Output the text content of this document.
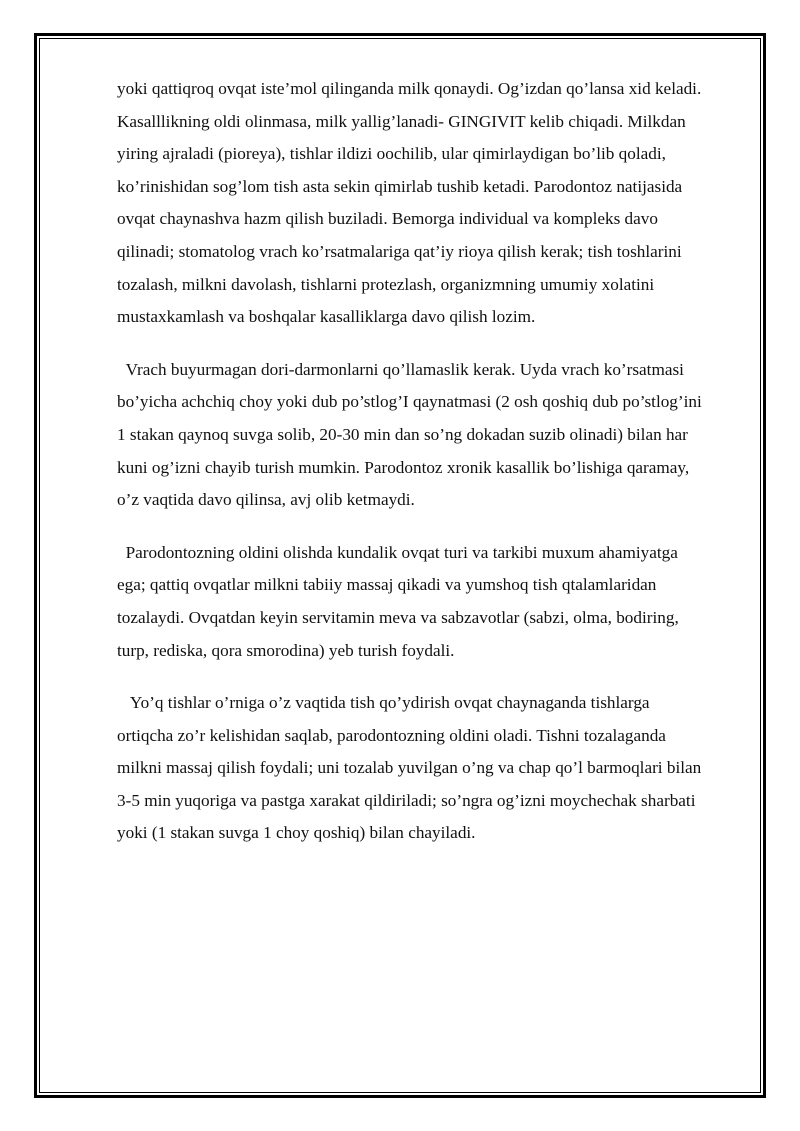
yoki qattiqroq ovqat iste’mol qilinganda milk qonaydi. Og’izdan qo’lansa xid keladi. Kasalllikning oldi olinmasa, milk yallig’lanadi- GINGIVIT kelib chiqadi. Milkdan yiring ajraladi (pioreya), tishlar ildizi oochilib, ular qimirlaydigan bo’lib qoladi, ko’rinishidan sog’lom tish asta sekin qimirlab tushib ketadi. Parodontoz natijasida ovqat chaynashva hazm qilish buziladi. Bemorga individual va kompleks davo qilinadi; stomatolog vrach ko’rsatmalariga qat’iy rioya qilish kerak; tish toshlarini tozalash, milkni davolash, tishlarni protezlash, organizmning umumiy xolatini mustaxkamlash va boshqalar kasalliklarga davo qilish lozim.

Vrach buyurmagan dori-darmonlarni qo’llamaslik kerak. Uyda vrach ko’rsatmasi bo’yicha achchiq choy yoki dub po’stlog’I qaynatmasi (2 osh qoshiq dub po’stlog’ini 1 stakan qaynoq suvga solib, 20-30 min dan so’ng dokadan suzib olinadi) bilan har kuni og’izni chayib turish mumkin. Parodontoz xronik kasallik bo’lishiga qaramay, o’z vaqtida davo qilinsa, avj olib ketmaydi.

Parodontozning oldini olishda kundalik ovqat turi va tarkibi muxum ahamiyatga ega; qattiq ovqatlar milkni tabiiy massaj qikadi va yumshoq tish qtalamlaridan tozalaydi. Ovqatdan keyin servitamin meva va sabzavotlar (sabzi, olma, bodiring, turp, rediska, qora smorodina) yeb turish foydali.

Yo’q tishlar o’rniga o’z vaqtida tish qo’ydirish ovqat chaynaganda tishlarga ortiqcha zo’r kelishidan saqlab, parodontozning oldini oladi. Tishni tozalaganda milkni massaj qilish foydali; uni tozalab yuvilgan o’ng va chap qo’l barmoqlari bilan 3-5 min yuqoriga va pastga xarakat qildiriladi; so’ngra og’izni moychechak sharbati yoki (1 stakan suvga 1 choy qoshiq) bilan chayiladi.
